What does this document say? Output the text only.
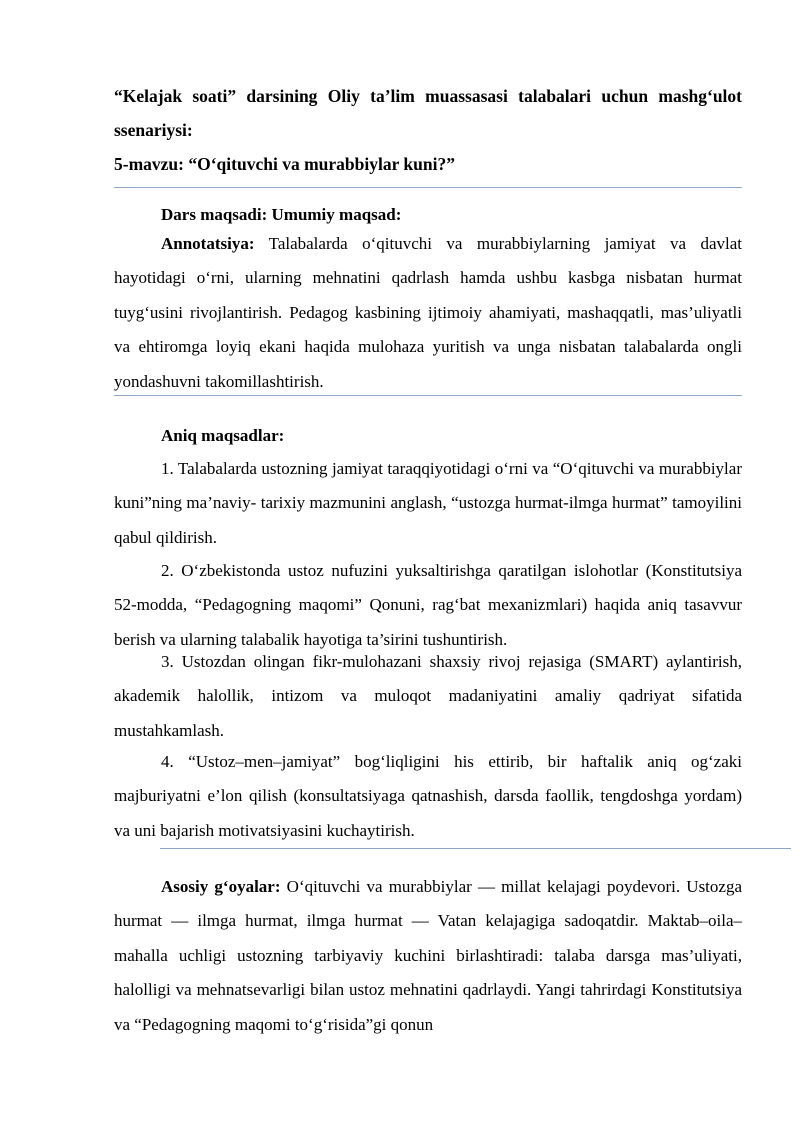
“Kelajak soati” darsining Oliy ta’lim muassasasi talabalari uchun mashg‘ulot
ssenariysi:
5-mavzu: “O‘qituvchi va murabbiylar kuni?”
Dars maqsadi: Umumiy maqsad:
Annotatsiya: Talabalarda o‘qituvchi va murabbiylarning jamiyat va davlat hayotidagi o‘rni, ularning mehnatini qadrlash hamda ushbu kasbga nisbatan hurmat tuyg‘usini rivojlantirish. Pedagog kasbining ijtimoiy ahamiyati, mashaqqatli, mas’uliyatli va ehtiromga loyiq ekani haqida mulohaza yuritish va unga nisbatan talabalarda ongli yondashuvni takomillashtirish.
Aniq maqsadlar:
1. Talabalarda ustozning jamiyat taraqqiyotidagi o‘rni va “O‘qituvchi va murabbiylar kuni”ning ma’naviy- tarixiy mazmunini anglash, “ustozga hurmat-ilmga hurmat” tamoyilini qabul qildirish.
2. O‘zbekistonda ustoz nufuzini yuksaltirishga qaratilgan islohotlar (Konstitutsiya 52-modda, “Pedagogning maqomi” Qonuni, rag‘bat mexanizmlari) haqida aniq tasavvur berish va ularning talabalik hayotiga ta’sirini tushuntirish.
3. Ustozdan olingan fikr-mulohazani shaxsiy rivoj rejasiga (SMART) aylantirish, akademik halollik, intizom va muloqot madaniyatini amaliy qadriyat sifatida mustahkamlash.
4. “Ustoz–men–jamiyat” bog‘liqligini his ettirib, bir haftalik aniq og‘zaki majburiyatni e’lon qilish (konsultatsiyaga qatnashish, darsda faollik, tengdoshga yordam) va uni bajarish motivatsiyasini kuchaytirish.
Asosiy g‘oyalar: O‘qituvchi va murabbiylar — millat kelajagi poydevori. Ustozga hurmat — ilmga hurmat, ilmga hurmat — Vatan kelajagiga sadoqatdir. Maktab–oila–mahalla uchligi ustozning tarbiyaviy kuchini birlashtiradi: talaba darsga mas’uliyati, halolligi va mehnatsevarligi bilan ustoz mehnatini qadrlaydi. Yangi tahrirdagi Konstitutsiya va “Pedagogning maqomi to‘g‘risida”gi qonun
